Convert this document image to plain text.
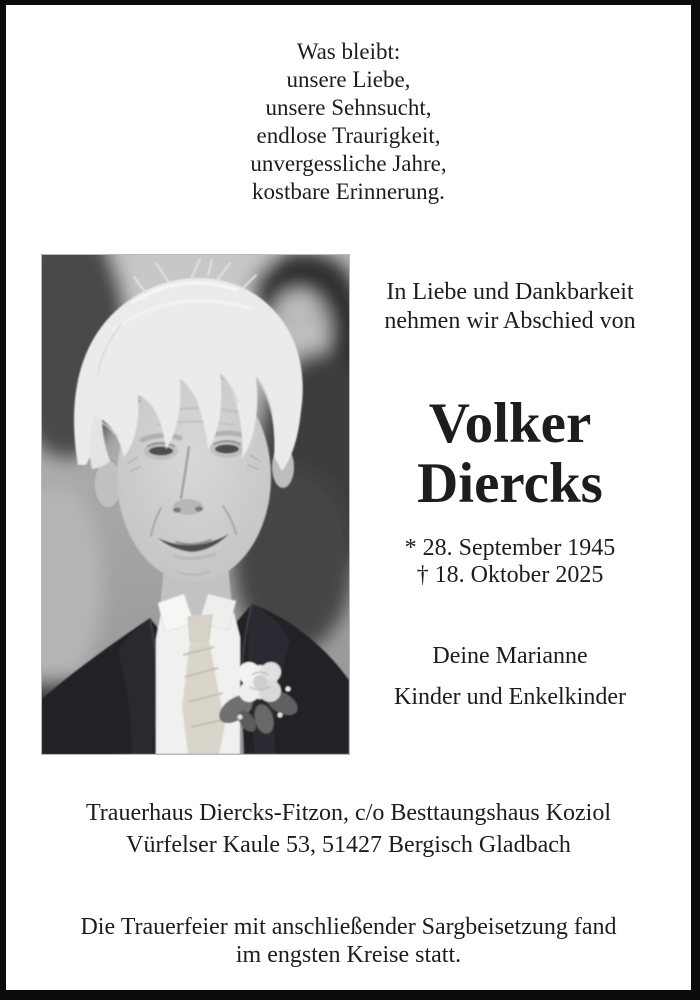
Was bleibt:
unsere Liebe,
unsere Sehnsucht,
endlose Traurigkeit,
unvergessliche Jahre,
kostbare Erinnerung.
In Liebe und Dankbarkeit
nehmen wir Abschied von
Volker
Diercks
* 28. September 1945
† 18. Oktober 2025
Deine Marianne
Kinder und Enkelkinder
Trauerhaus Diercks-Fitzon, c/o Besttaungshaus Koziol
Vürfelser Kaule 53, 51427 Bergisch Gladbach
Die Trauerfeier mit anschließender Sargbeisetzung fand
im engsten Kreise statt.
